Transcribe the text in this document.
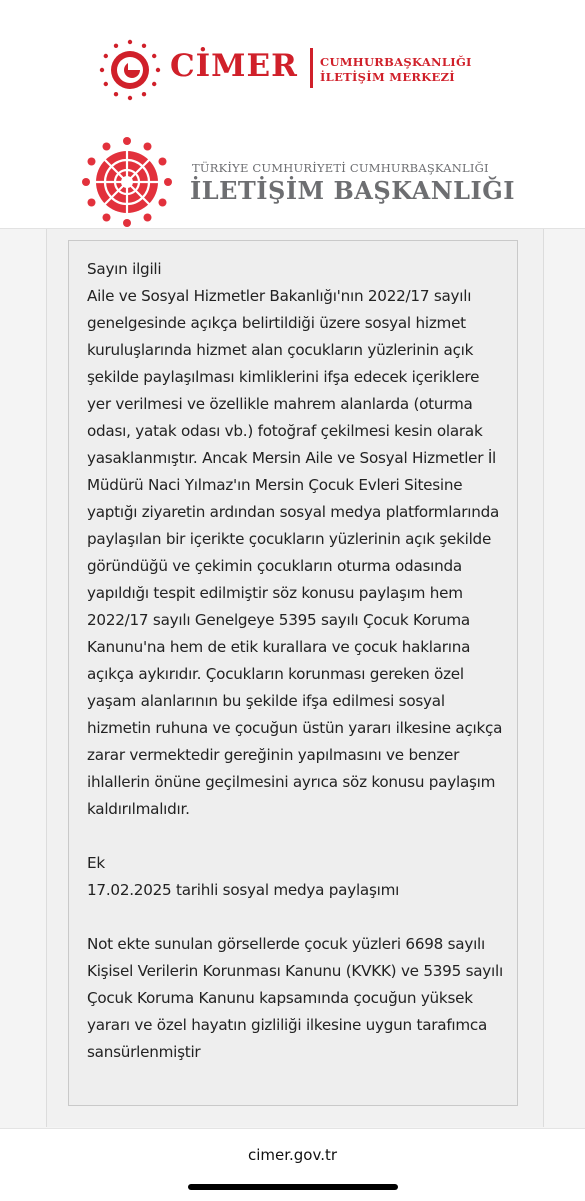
CİMER CUMHURBAŞKANLIĞI
İLETİŞİM MERKEZİ
TÜRKİYE CUMHURİYETİ CUMHURBAŞKANLIĞI
İLETİŞİM BAŞKANLIĞI

Sayın ilgili

Aile ve Sosyal Hizmetler Bakanlığı'nın 2022/17 sayılı genelgesinde açıkça belirtildiği üzere sosyal hizmet kuruluşlarında hizmet alan çocukların yüzlerinin açık şekilde paylaşılması kimliklerini ifşa edecek içeriklere yer verilmesi ve özellikle mahrem alanlarda (oturma odası, yatak odası vb.) fotoğraf çekilmesi kesin olarak yasaklanmıştır. Ancak Mersin Aile ve Sosyal Hizmetler İl Müdürü Naci Yılmaz'ın Mersin Çocuk Evleri Sitesine yaptığı ziyaretin ardından sosyal medya platformlarında paylaşılan bir içerikte çocukların yüzlerinin açık şekilde göründüğü ve çekimin çocukların oturma odasında yapıldığı tespit edilmiştir söz konusu paylaşım hem 2022/17 sayılı Genelgeye 5395 sayılı Çocuk Koruma Kanunu'na hem de etik kurallara ve çocuk haklarına açıkça aykırıdır. Çocukların korunması gereken özel yaşam alanlarının bu şekilde ifşa edilmesi sosyal hizmetin ruhuna ve çocuğun üstün yararı ilkesine açıkça zarar vermektedir gereğinin yapılmasını ve benzer ihlallerin önüne geçilmesini ayrıca söz konusu paylaşım kaldırılmalıdır.

Ek

17.02.2025 tarihli sosyal medya paylaşımı

Not ekte sunulan görsellerde çocuk yüzleri 6698 sayılı Kişisel Verilerin Korunması Kanunu (KVKK) ve 5395 sayılı Çocuk Koruma Kanunu kapsamında çocuğun yüksek yararı ve özel hayatın gizliliği ilkesine uygun tarafımca sansürlenmiştir

cimer.gov.tr
